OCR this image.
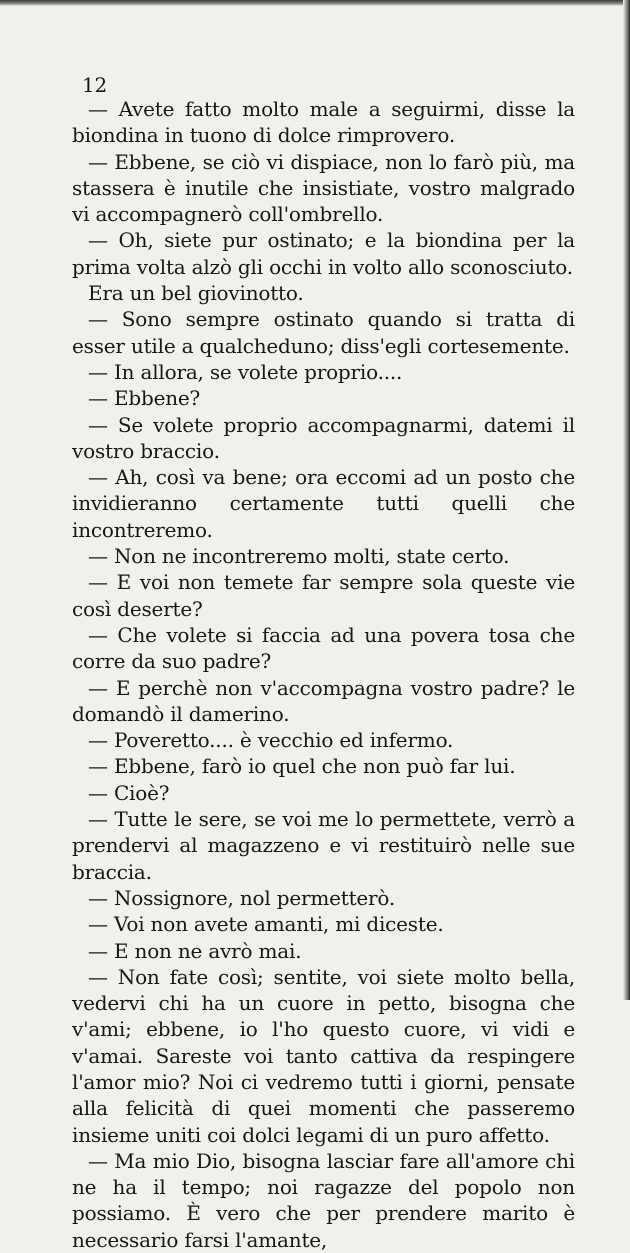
12

— Avete fatto molto male a seguirmi, disse la biondina in tuono di dolce rimprovero.

— Ebbene, se ciò vi dispiace, non lo farò più, ma stassera è inutile che insistiate, vostro malgrado vi accompagnerò coll'ombrello.

— Oh, siete pur ostinato; e la biondina per la prima volta alzò gli occhi in volto allo sconosciuto.

Era un bel giovinotto.

— Sono sempre ostinato quando si tratta di esser utile a qualcheduno; diss'egli cortesemente.

— In allora, se volete proprio....

— Ebbene?

— Se volete proprio accompagnarmi, datemi il vostro braccio.

— Ah, così va bene; ora eccomi ad un posto che invidieranno certamente tutti quelli che incontreremo.

— Non ne incontreremo molti, state certo.

— E voi non temete far sempre sola queste vie così deserte?

— Che volete si faccia ad una povera tosa che corre da suo padre?

— E perchè non v'accompagna vostro padre? le domandò il damerino.

— Poveretto.... è vecchio ed infermo.

— Ebbene, farò io quel che non può far lui.

— Cioè?

— Tutte le sere, se voi me lo permettete, verrò a prendervi al magazzeno e vi restituirò nelle sue braccia.

— Nossignore, nol permetterò.

— Voi non avete amanti, mi diceste.

— E non ne avrò mai.

— Non fate così; sentite, voi siete molto bella, vedervi chi ha un cuore in petto, bisogna che v'ami; ebbene, io l'ho questo cuore, vi vidi e v'amai. Sareste voi tanto cattiva da respingere l'amor mio? Noi ci vedremo tutti i giorni, pensate alla felicità di quei momenti che passeremo insieme uniti coi dolci legami di un puro affetto.

— Ma mio Dio, bisogna lasciar fare all'amore chi ne ha il tempo; noi ragazze del popolo non possiamo. È vero che per prendere marito è necessario farsi l'amante,
